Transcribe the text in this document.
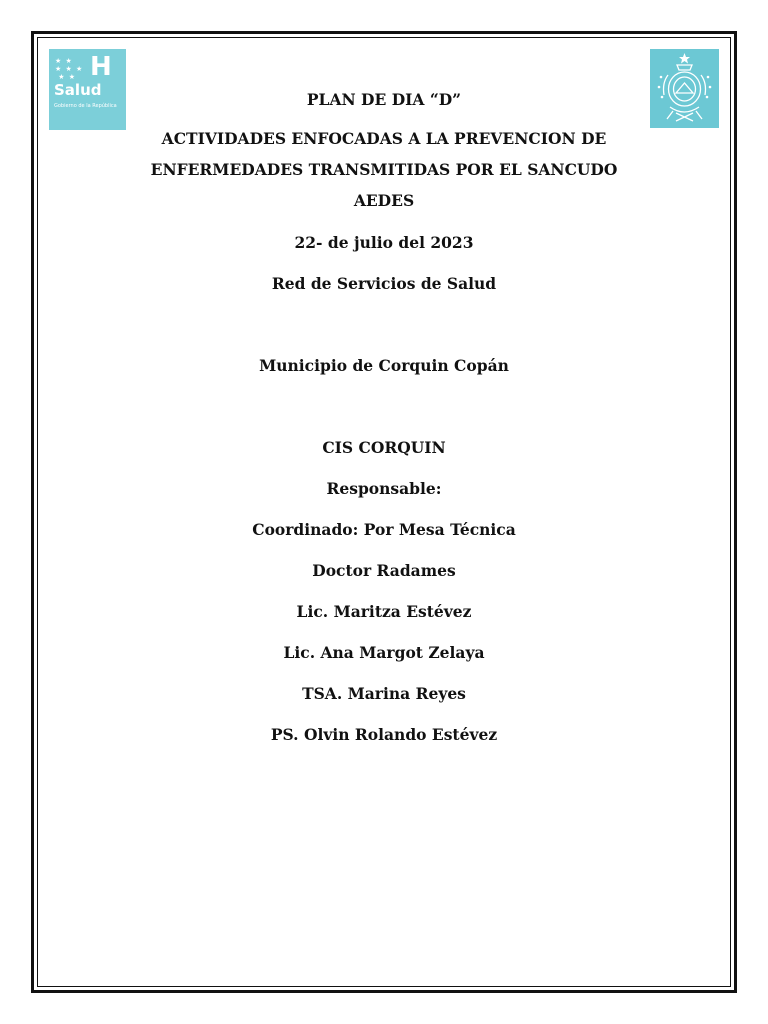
★ ★
★ ★ ★
★ ★ H
Salud
Gobierno de la República	PLAN DE DIA “D”

ACTIVIDADES ENFOCADAS A LA PREVENCION DE ENFERMEDADES TRANSMITIDAS POR EL SANCUDO AEDES

22- de julio del 2023

Red de Servicios de Salud

Municipio de Corquin Copán

CIS CORQUIN

Responsable:

Coordinado: Por Mesa Técnica

Doctor Radames

Lic. Maritza Estévez

Lic. Ana Margot Zelaya

TSA. Marina Reyes

PS. Olvin Rolando Estévez
